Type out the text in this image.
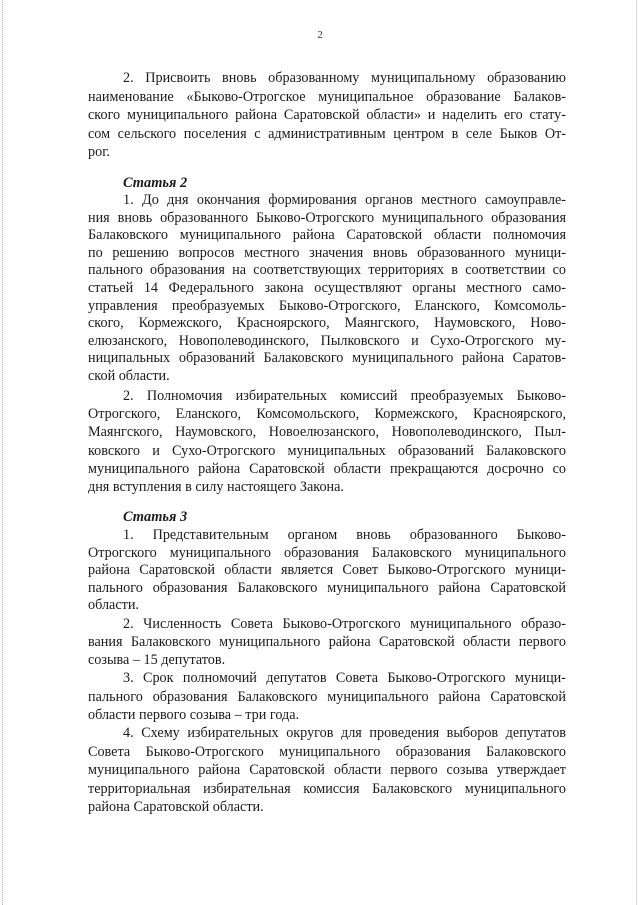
2
2. Присвоить вновь образованному муниципальному образованию
наименование «Быково-Отрогское муниципальное образование Балаков-
ского муниципального района Саратовской области» и наделить его стату-
сом сельского поселения с административным центром в селе Быков От-
рог.
Статья 2
1. До дня окончания формирования органов местного самоуправле-
ния вновь образованного Быково-Отрогского муниципального образования
Балаковского муниципального района Саратовской области полномочия
по решению вопросов местного значения вновь образованного муници-
пального образования на соответствующих территориях в соответствии со
статьей 14 Федерального закона осуществляют органы местного само-
управления преобразуемых Быково-Отрогского, Еланского, Комсомоль-
ского, Кормежского, Красноярского, Маянгского, Наумовского, Ново-
елюзанского, Новополеводинского, Пылковского и Сухо-Отрогского му-
ниципальных образований Балаковского муниципального района Саратов-
ской области.
2. Полномочия избирательных комиссий преобразуемых Быково-
Отрогского, Еланского, Комсомольского, Кормежского, Красноярского,
Маянгского, Наумовского, Новоелюзанского, Новополеводинского, Пыл-
ковского и Сухо-Отрогского муниципальных образований Балаковского
муниципального района Саратовской области прекращаются досрочно со
дня вступления в силу настоящего Закона.
Статья 3
1. Представительным органом вновь образованного Быково-
Отрогского муниципального образования Балаковского муниципального
района Саратовской области является Совет Быково-Отрогского муници-
пального образования Балаковского муниципального района Саратовской
области.
2. Численность Совета Быково-Отрогского муниципального образо-
вания Балаковского муниципального района Саратовской области первого
созыва – 15 депутатов.
3. Срок полномочий депутатов Совета Быково-Отрогского муници-
пального образования Балаковского муниципального района Саратовской
области первого созыва – три года.
4. Схему избирательных округов для проведения выборов депутатов
Совета Быково-Отрогского муниципального образования Балаковского
муниципального района Саратовской области первого созыва утверждает
территориальная избирательная комиссия Балаковского муниципального
района Саратовской области.
